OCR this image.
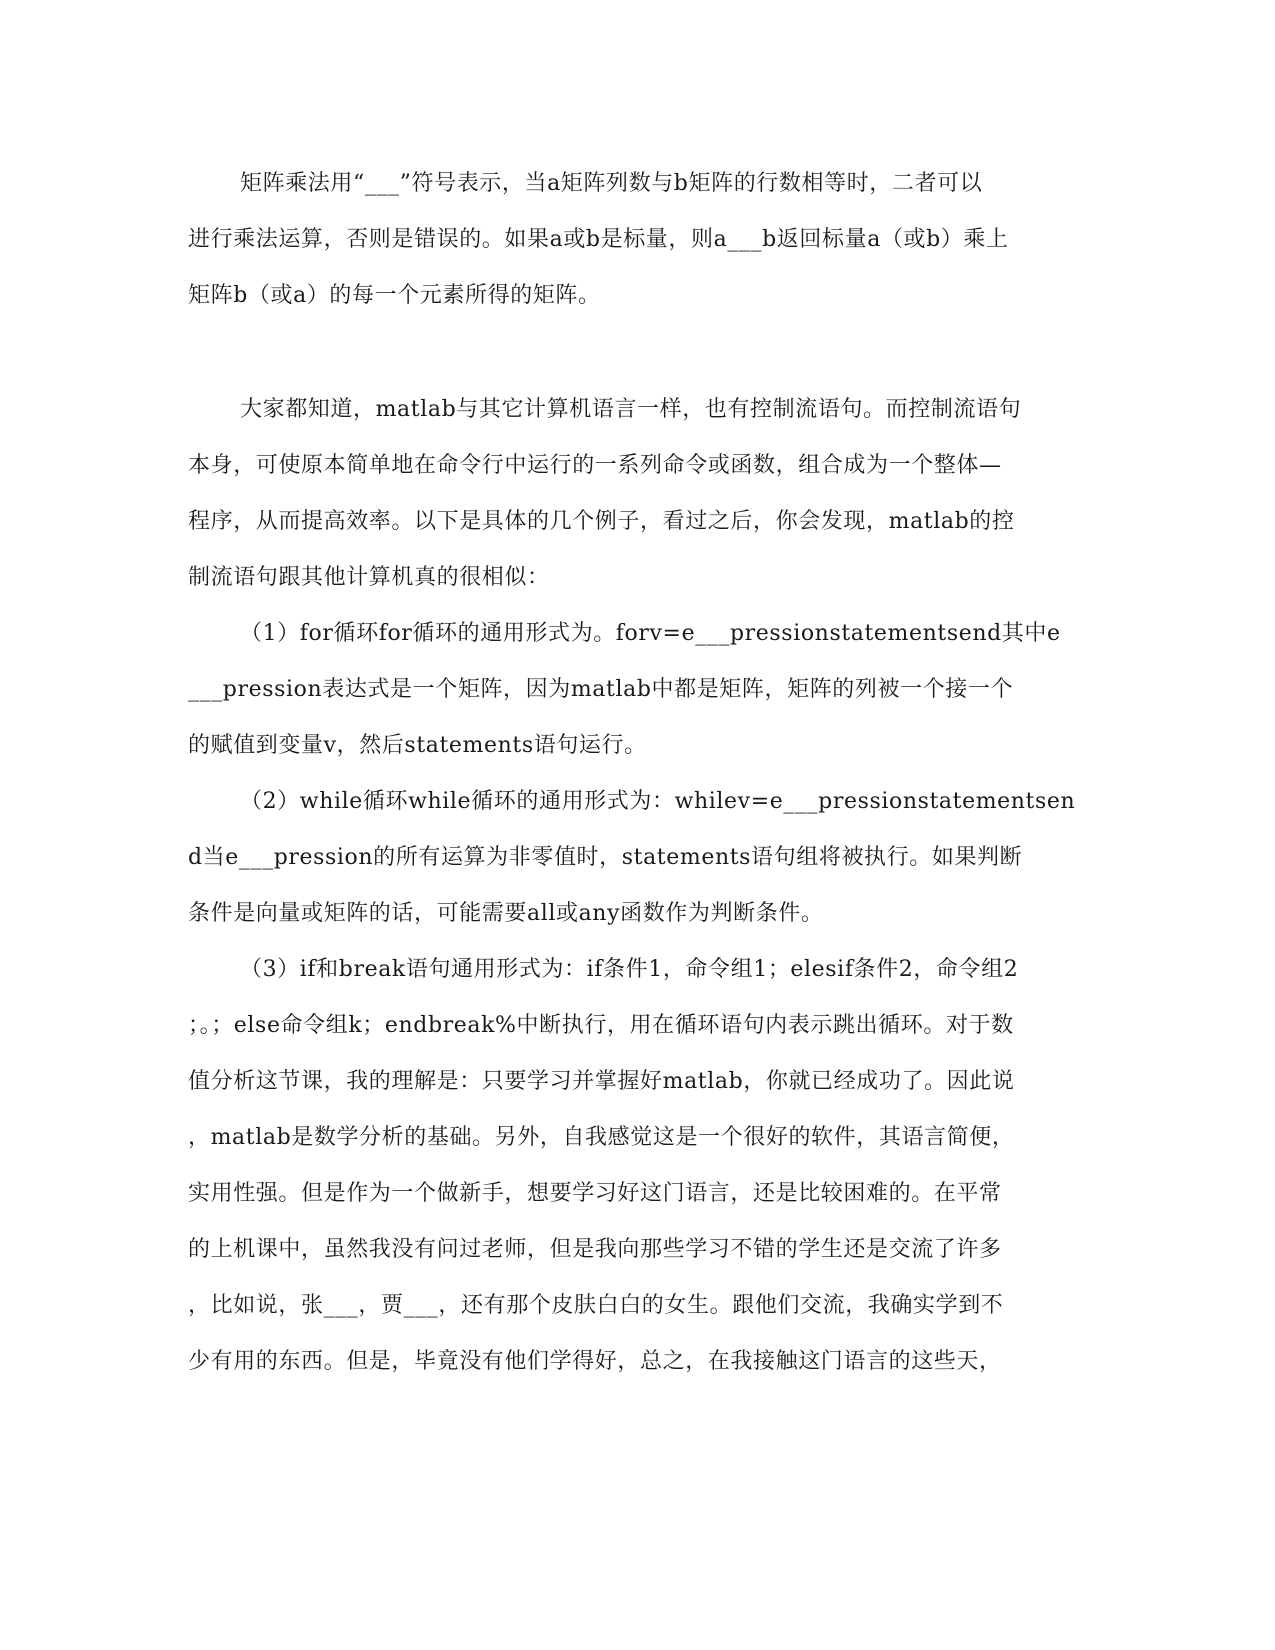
矩阵乘法用“___”符号表示，当a矩阵列数与b矩阵的行数相等时，二者可以
进行乘法运算，否则是错误的。如果a或b是标量，则a___b返回标量a（或b）乘上
矩阵b（或a）的每一个元素所得的矩阵。
大家都知道，matlab与其它计算机语言一样，也有控制流语句。而控制流语句
本身，可使原本简单地在命令行中运行的一系列命令或函数，组合成为一个整体—
程序，从而提高效率。以下是具体的几个例子，看过之后，你会发现，matlab的控
制流语句跟其他计算机真的很相似：
（1）for循环for循环的通用形式为。forv=e___pressionstatementsend其中e
___pression表达式是一个矩阵，因为matlab中都是矩阵，矩阵的列被一个接一个
的赋值到变量v，然后statements语句运行。
（2）while循环while循环的通用形式为：whilev=e___pressionstatementsen
d当e___pression的所有运算为非零值时，statements语句组将被执行。如果判断
条件是向量或矩阵的话，可能需要all或any函数作为判断条件。
（3）if和break语句通用形式为：if条件1，命令组1；elesif条件2，命令组2
；。；else命令组k；endbreak%中断执行，用在循环语句内表示跳出循环。对于数
值分析这节课，我的理解是：只要学习并掌握好matlab，你就已经成功了。因此说
，matlab是数学分析的基础。另外，自我感觉这是一个很好的软件，其语言简便，
实用性强。但是作为一个做新手，想要学习好这门语言，还是比较困难的。在平常
的上机课中，虽然我没有问过老师，但是我向那些学习不错的学生还是交流了许多
，比如说，张___，贾___，还有那个皮肤白白的女生。跟他们交流，我确实学到不
少有用的东西。但是，毕竟没有他们学得好，总之，在我接触这门语言的这些天，
